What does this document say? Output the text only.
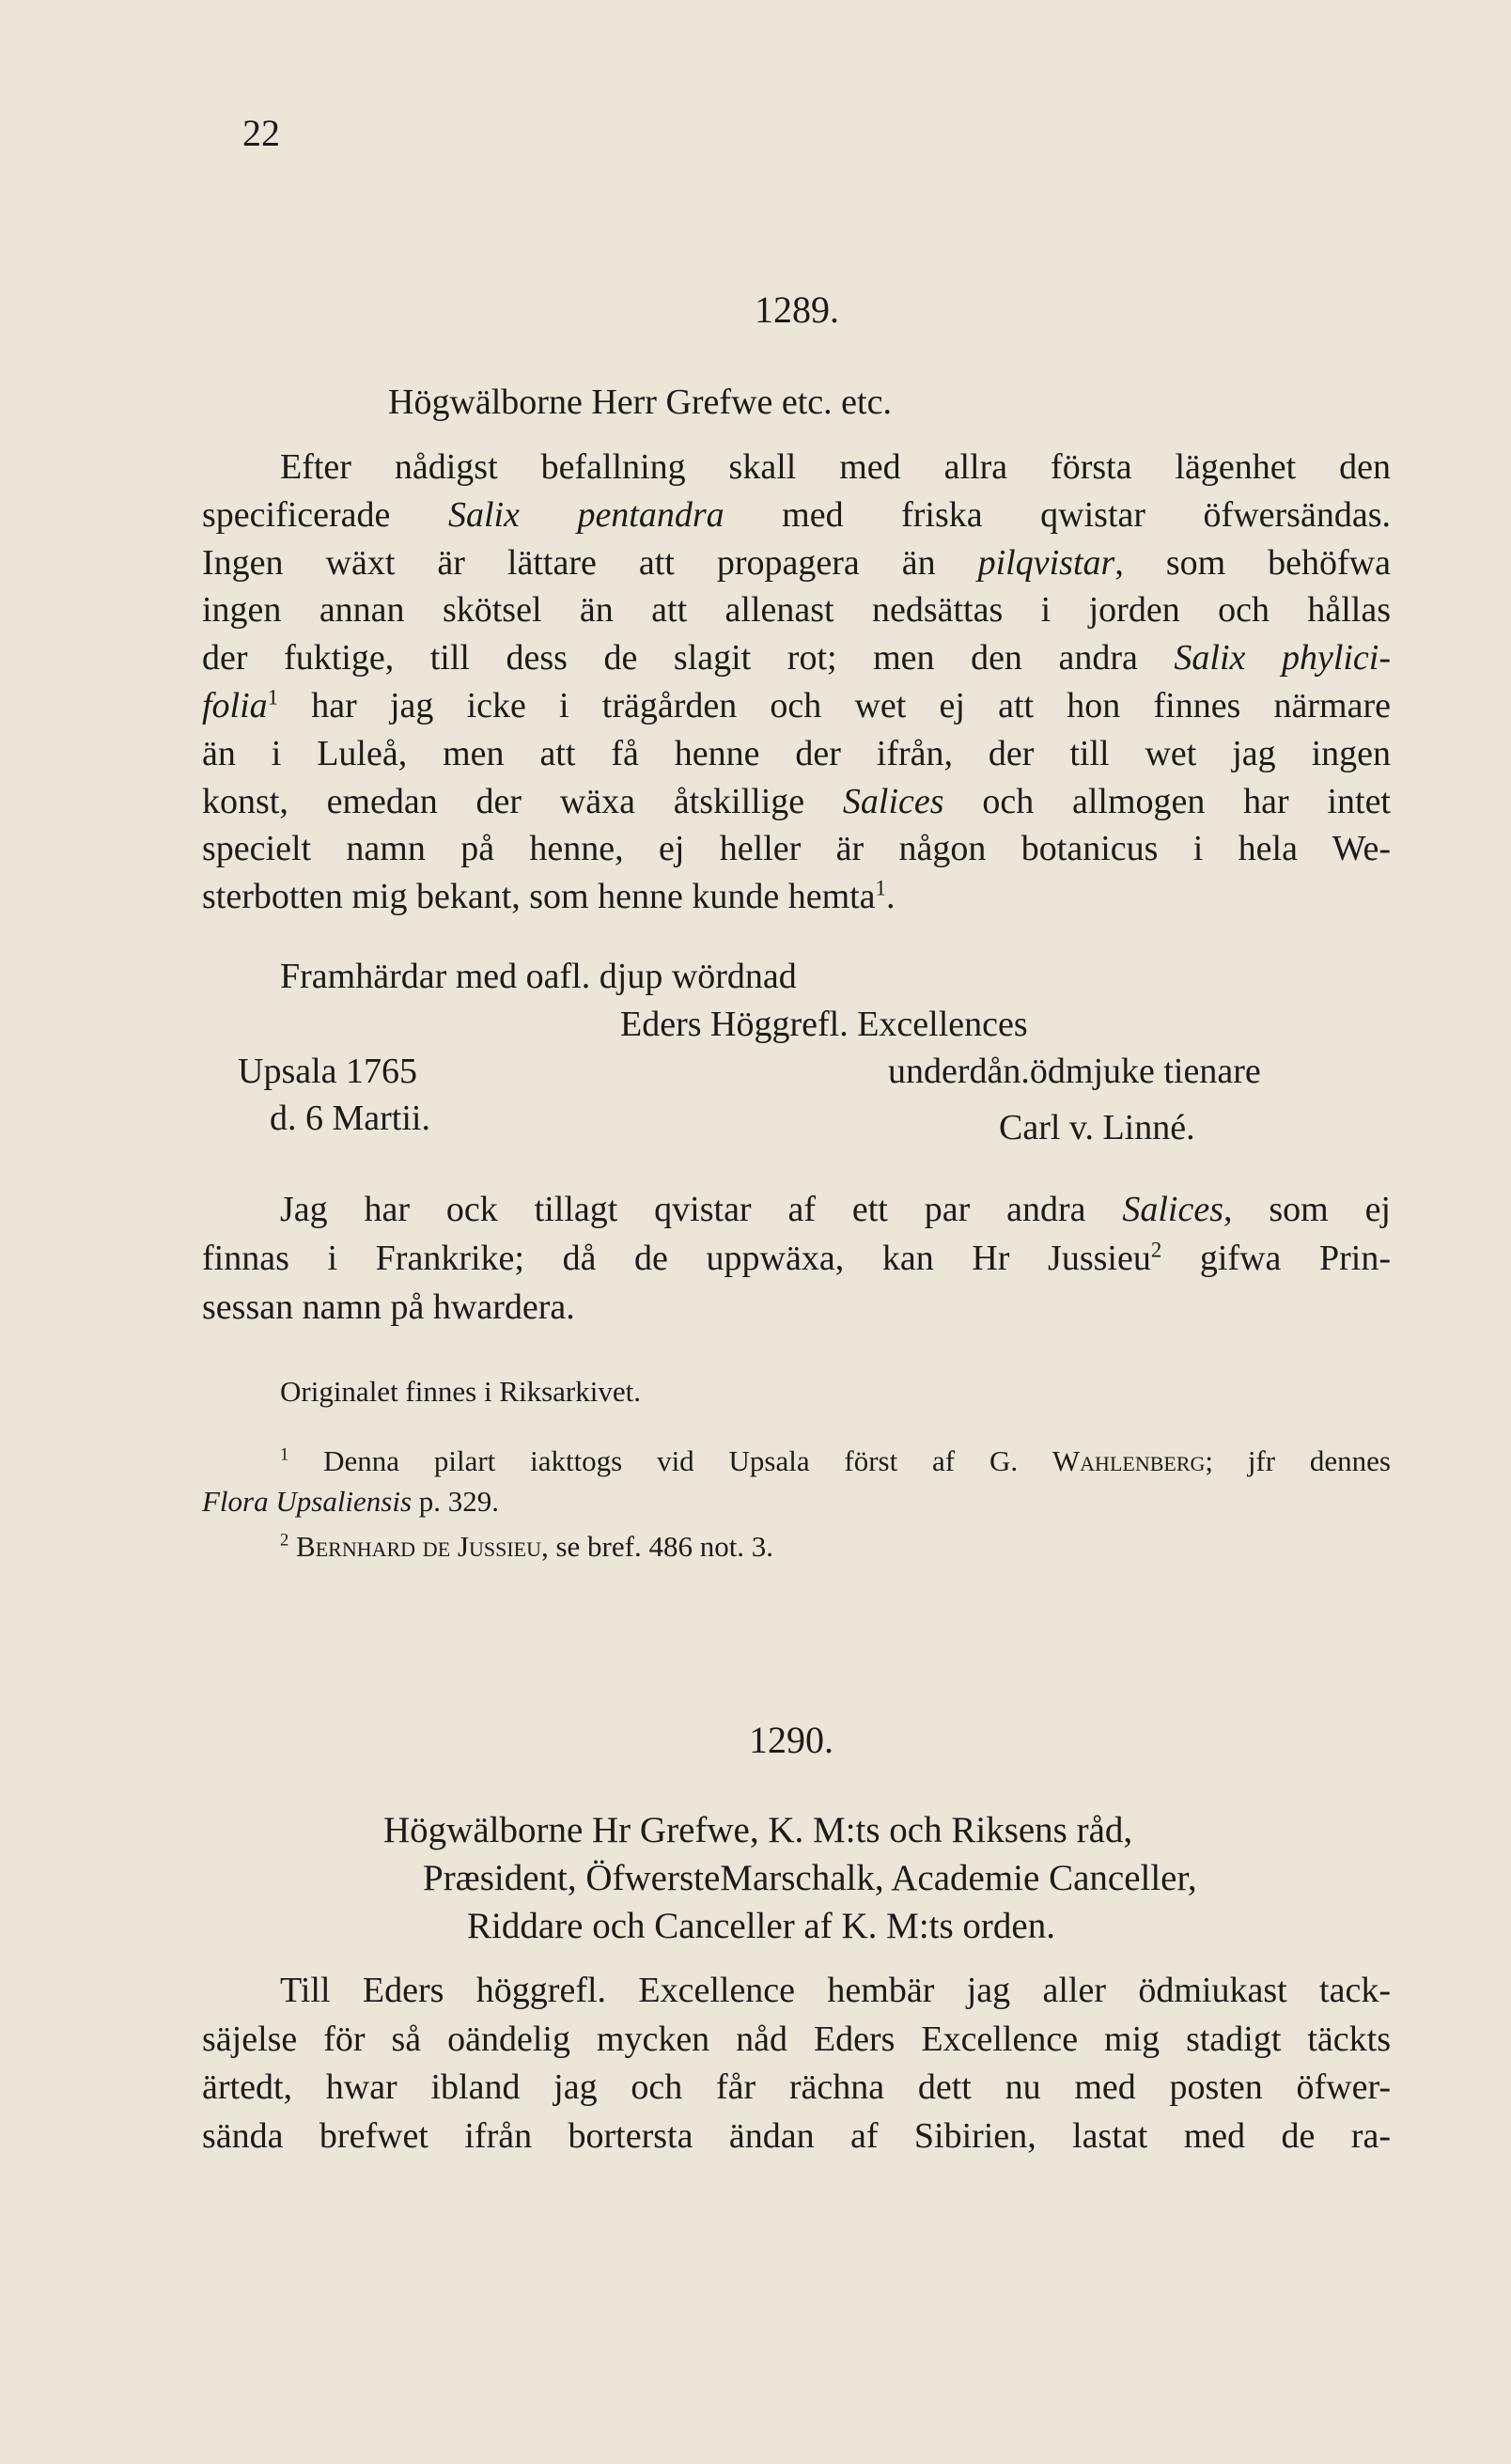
22
1289.
Högwälborne Herr Grefwe etc. etc.
Efter nådigst befallning skall med allra första lägenhet den
specificerade Salix pentandra med friska qwistar öfwersändas.
Ingen wäxt är lättare att propagera än pilqvistar, som behöfwa
ingen annan skötsel än att allenast nedsättas i jorden och hållas
der fuktige, till dess de slagit rot; men den andra Salix phylici-
folia$^1$ har jag icke i trägården och wet ej att hon finnes närmare
än i Luleå, men att få henne der ifrån, der till wet jag ingen
konst, emedan der wäxa åtskillige Salices och allmogen har intet
specielt namn på henne, ej heller är någon botanicus i hela We-
sterbotten mig bekant, som henne kunde hemta$^1$.
Framhärdar med oafl. djup wördnad
Eders Höggrefl. Excellences
Upsala 1765	underdån.ödmjuke tienare
d. 6 Martii.	Carl v. Linné.
Jag har ock tillagt qvistar af ett par andra Salices, som ej
finnas i Frankrike; då de uppwäxa, kan Hr Jussieu$^2$ gifwa Prin-
sessan namn på hwardera.
Originalet finnes i Riksarkivet.
$^1$ Denna pilart iakttogs vid Upsala först af G. Wahlenberg; jfr dennes
Flora Upsaliensis p. 329.
$^2$ Bernhard de Jussieu, se bref. 486 not. 3.
1290.
Högwälborne Hr Grefwe, K. M:ts och Riksens råd,
Præsident, ÖfwersteMarschalk, Academie Canceller,
Riddare och Canceller af K. M:ts orden.
Till Eders höggrefl. Excellence hembär jag aller ödmiukast tack-
säjelse för så oändelig mycken nåd Eders Excellence mig stadigt täckts
ärtedt, hwar ibland jag och får rächna dett nu med posten öfwer-
sända brefwet ifrån bortersta ändan af Sibirien, lastat med de ra-
